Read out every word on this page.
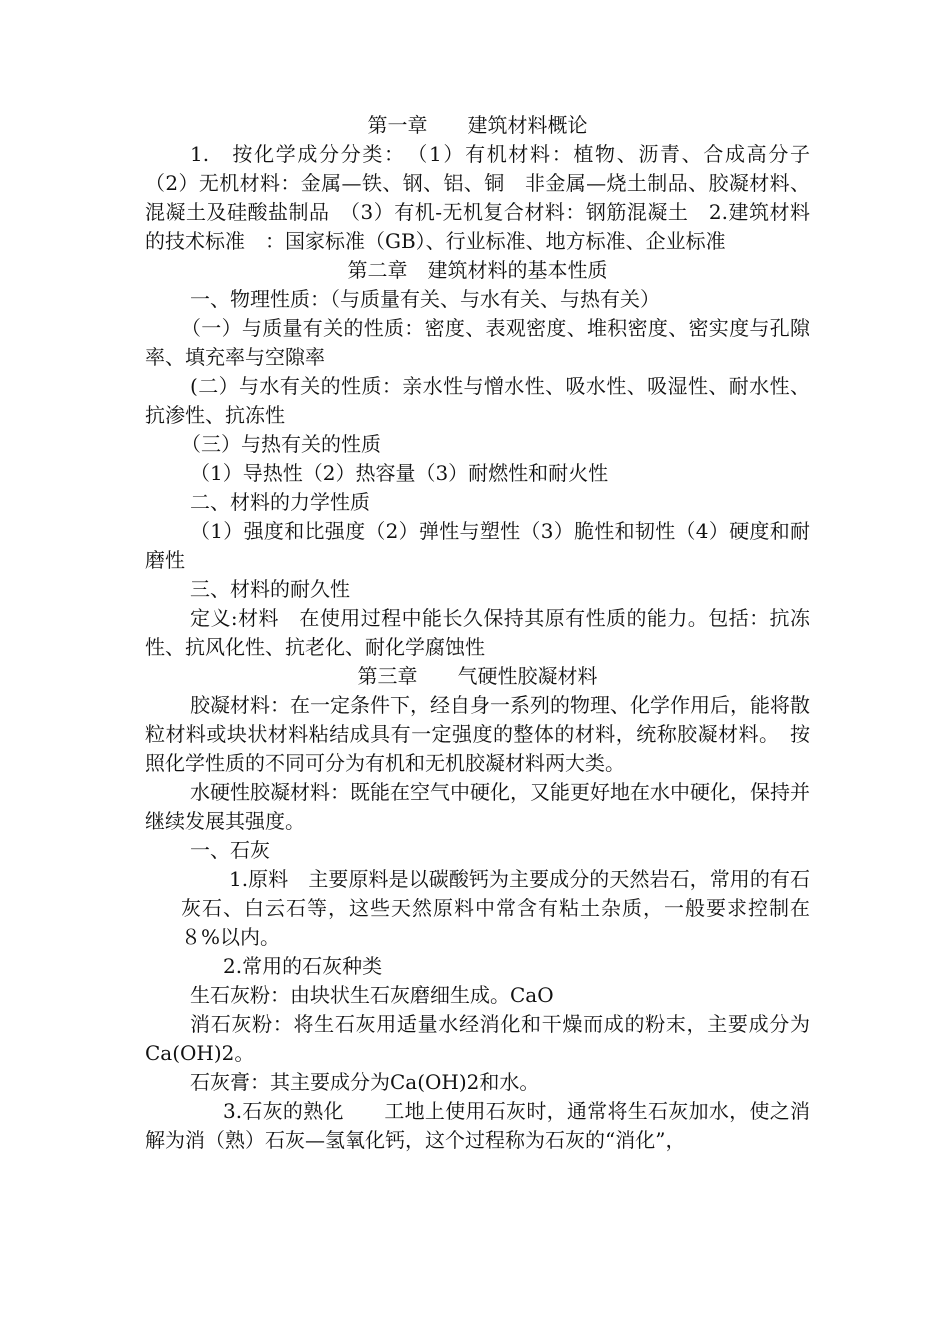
第一章　　建筑材料概论

1.　按化学成分分类：　（1）有机材料：植物、沥青、合成高分子　（2）无机材料：金属—铁、钢、铝、铜　非金属—烧土制品、胶凝材料、混凝土及硅酸盐制品　（3）有机-无机复合材料：钢筋混凝土　2.建筑材料的技术标准　：国家标准（GB）、行业标准、地方标准、企业标准

第二章　建筑材料的基本性质

一、物理性质：（与质量有关、与水有关、与热有关）

（一）与质量有关的性质：密度、表观密度、堆积密度、密实度与孔隙率、填充率与空隙率

(二）与水有关的性质：亲水性与憎水性、吸水性、吸湿性、耐水性、抗渗性、抗冻性

（三）与热有关的性质

（1）导热性（2）热容量（3）耐燃性和耐火性

二、材料的力学性质

（1）强度和比强度（2）弹性与塑性（3）脆性和韧性（4）硬度和耐磨性

三、材料的耐久性

定义:材料　在使用过程中能长久保持其原有性质的能力。包括：抗冻性、抗风化性、抗老化、耐化学腐蚀性

第三章　　气硬性胶凝材料

胶凝材料：在一定条件下，经自身一系列的物理、化学作用后，能将散粒材料或块状材料粘结成具有一定强度的整体的材料，统称胶凝材料。　按照化学性质的不同可分为有机和无机胶凝材料两大类。

水硬性胶凝材料：既能在空气中硬化，又能更好地在水中硬化，保持并继续发展其强度。

一、石灰

1.原料　主要原料是以碳酸钙为主要成分的天然岩石，常用的有石灰石、白云石等，这些天然原料中常含有粘土杂质，一般要求控制在８%以内。

2.常用的石灰种类

生石灰粉：由块状生石灰磨细生成。CaO

消石灰粉：将生石灰用适量水经消化和干燥而成的粉末，主要成分为Ca(OH)2。

石灰膏：其主要成分为Ca(OH)2和水。

3.石灰的熟化　　工地上使用石灰时，通常将生石灰加水，使之消解为消（熟）石灰—氢氧化钙，这个过程称为石灰的“消化”，
